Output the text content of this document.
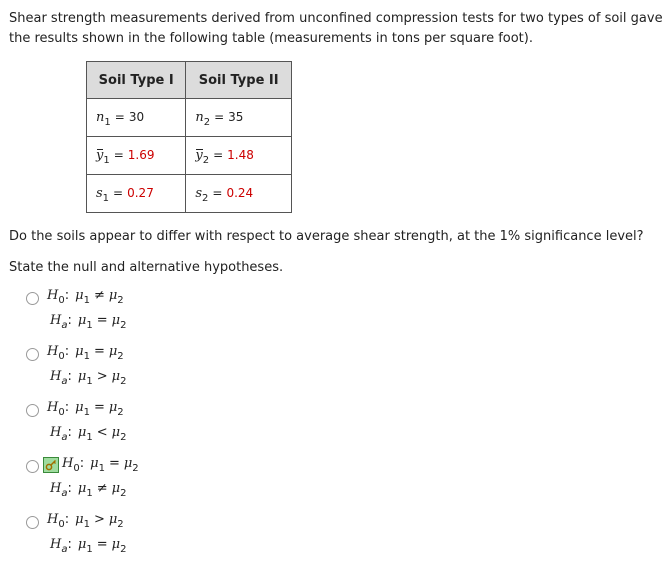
Shear strength measurements derived from unconfined compression tests for two types of soil gave the results shown in the following table (measurements in tons per square foot).

Soil Type I	Soil Type II
$n_1 = 30$	$n_2 = 35$
$y_1 = 1.69$	$y_2 = 1.48$
$s_1 = 0.27$	$s_2 = 0.24$

Do the soils appear to differ with respect to average shear strength, at the 1% significance level?

State the null and alternative hypotheses.

$H_0$: $\mu_1 \ne \mu_2$
$H_a$: $\mu_1 = \mu_2$
$H_0$: $\mu_1 = \mu_2$
$H_a$: $\mu_1 > \mu_2$
$H_0$: $\mu_1 = \mu_2$
$H_a$: $\mu_1 < \mu_2$
$H_0$: $\mu_1 = \mu_2$
$H_a$: $\mu_1 \ne \mu_2$
$H_0$: $\mu_1 > \mu_2$
$H_a$: $\mu_1 = \mu_2$
